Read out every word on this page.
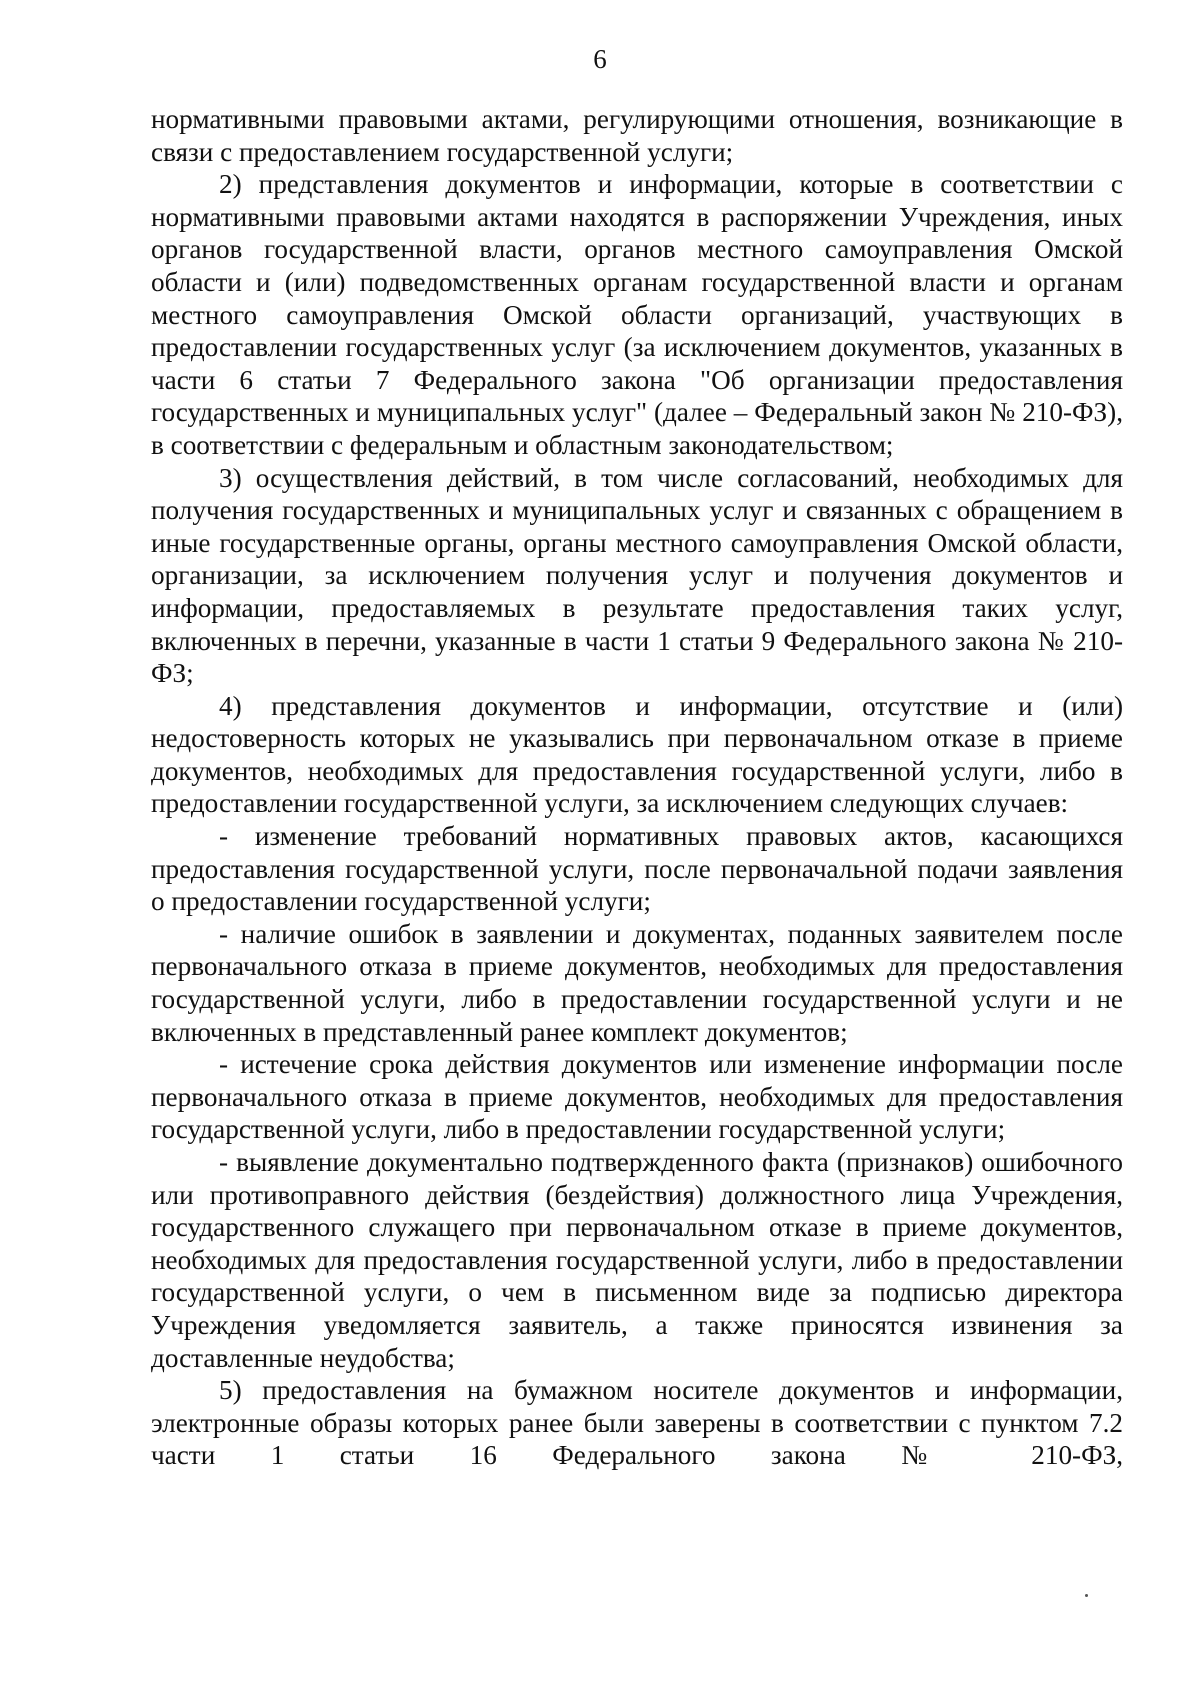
6

нормативными правовыми актами, регулирующими отношения, возникающие в связи с предоставлением государственной услуги;

2) представления документов и информации, которые в соответствии с нормативными правовыми актами находятся в распоряжении Учреждения, иных органов государственной власти, органов местного самоуправления Омской области и (или) подведомственных органам государственной власти и органам местного самоуправления Омской области организаций, участвующих в предоставлении государственных услуг (за исключением документов, указанных в части 6 статьи 7 Федерального закона "Об организации предоставления государственных и муниципальных услуг" (далее – Федеральный закон № 210-ФЗ), в соответствии с федеральным и областным законодательством;

3) осуществления действий, в том числе согласований, необходимых для получения государственных и муниципальных услуг и связанных с обращением в иные государственные органы, органы местного самоуправления Омской области, организации, за исключением получения услуг и получения документов и информации, предоставляемых в результате предоставления таких услуг, включенных в перечни, указанные в части 1 статьи 9 Федерального закона № 210-ФЗ;

4) представления документов и информации, отсутствие и (или) недостоверность которых не указывались при первоначальном отказе в приеме документов, необходимых для предоставления государственной услуги, либо в предоставлении государственной услуги, за исключением следующих случаев:

- изменение требований нормативных правовых актов, касающихся предоставления государственной услуги, после первоначальной подачи заявления о предоставлении государственной услуги;

- наличие ошибок в заявлении и документах, поданных заявителем после первоначального отказа в приеме документов, необходимых для предоставления государственной услуги, либо в предоставлении государственной услуги и не включенных в представленный ранее комплект документов;

- истечение срока действия документов или изменение информации после первоначального отказа в приеме документов, необходимых для предоставления государственной услуги, либо в предоставлении государственной услуги;

- выявление документально подтвержденного факта (признаков) ошибочного или противоправного действия (бездействия) должностного лица Учреждения, государственного служащего при первоначальном отказе в приеме документов, необходимых для предоставления государственной услуги, либо в предоставлении государственной услуги, о чем в письменном виде за подписью директора Учреждения уведомляется заявитель, а также приносятся извинения за доставленные неудобства;

5) предоставления на бумажном носителе документов и информации, электронные образы которых ранее были заверены в соответствии с пунктом 7.2 части 1 статьи 16 Федерального закона № 210-ФЗ,
